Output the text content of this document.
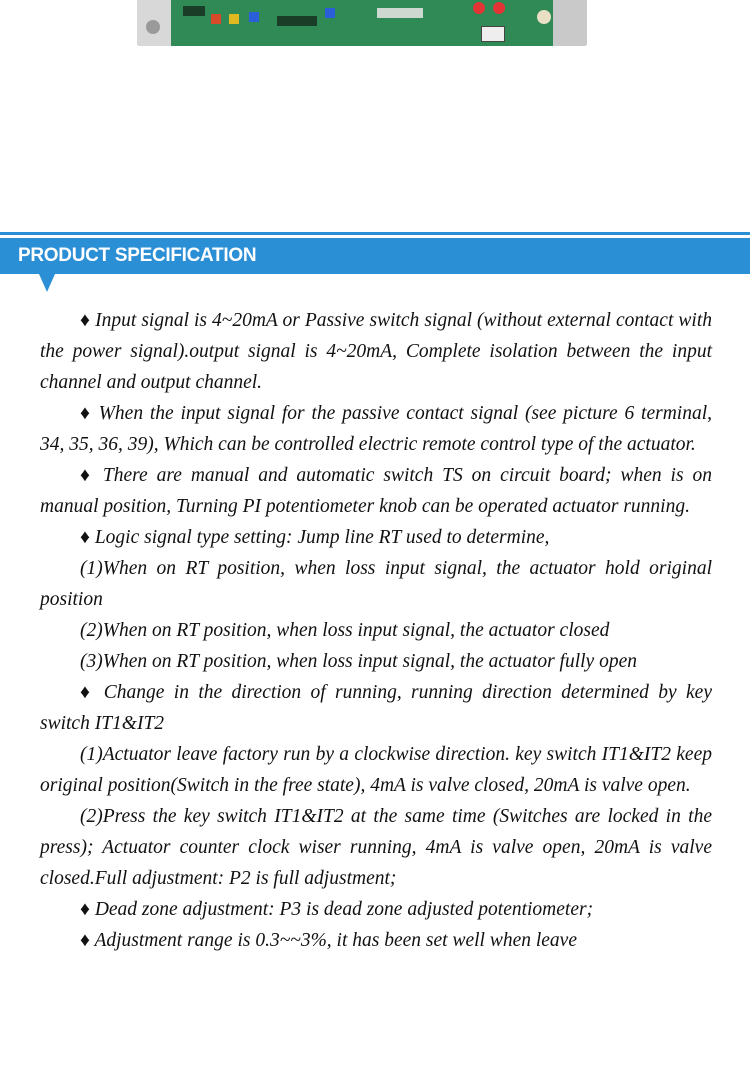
PRODUCT SPECIFICATION

♦ Input signal is 4~20mA or Passive switch signal (without external contact with the power signal).output signal is 4~20mA, Complete isolation between the input channel and output channel.

♦ When the input signal for the passive contact signal (see picture 6 terminal, 34, 35, 36, 39), Which can be controlled electric remote control type of the actuator.

♦ There are manual and automatic switch TS on circuit board; when is on manual position, Turning PI potentiometer knob can be operated actuator running.

♦ Logic signal type setting: Jump line RT used to determine,

(1)When on RT position, when loss input signal, the actuator hold original position

(2)When on RT position, when loss input signal, the actuator closed

(3)When on RT position, when loss input signal, the actuator fully open

♦ Change in the direction of running, running direction determined by key switch IT1&IT2

(1)Actuator leave factory run by a clockwise direction. key switch IT1&IT2 keep original position(Switch in the free state), 4mA is valve closed, 20mA is valve open.

(2)Press the key switch IT1&IT2 at the same time (Switches are locked in the press); Actuator counter clock wiser running, 4mA is valve open, 20mA is valve closed.Full adjustment: P2 is full adjustment;

♦ Dead zone adjustment: P3 is dead zone adjusted potentiometer;

♦ Adjustment range is 0.3~~3%, it has been set well when leave
